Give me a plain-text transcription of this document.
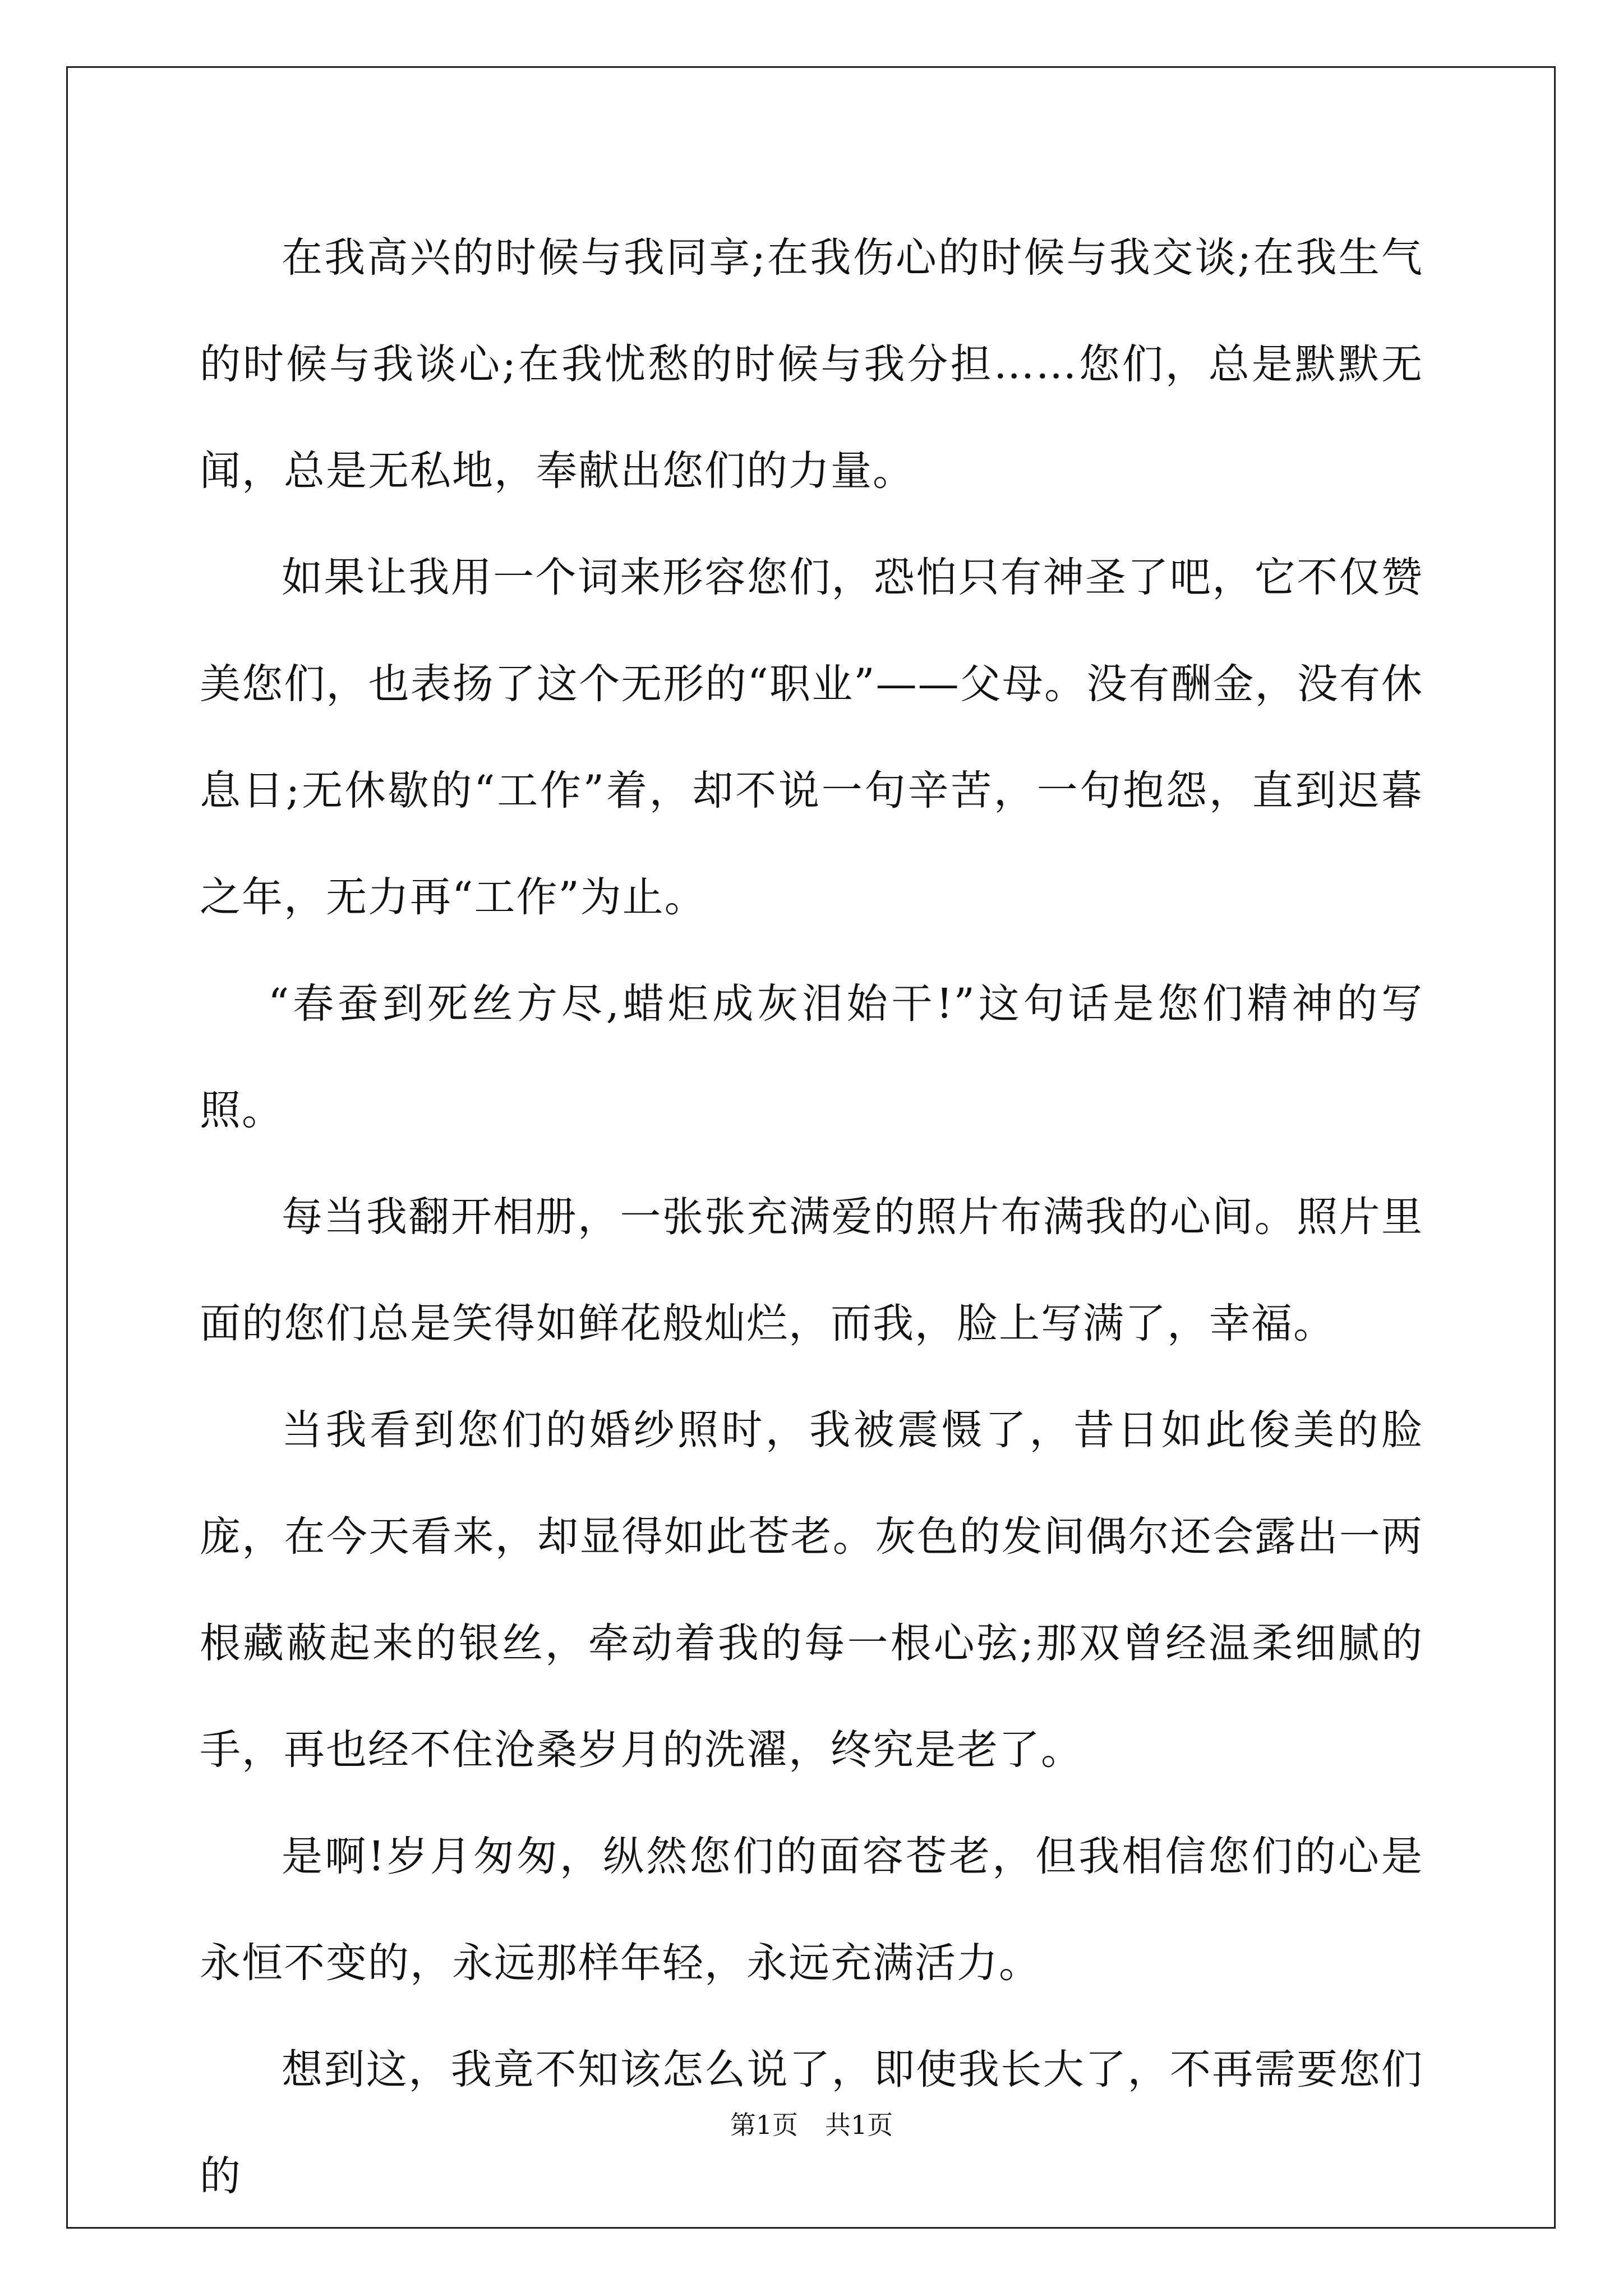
在我高兴的时候与我同享;在我伤心的时候与我交谈;在我生气的时候与我谈心;在我忧愁的时候与我分担……您们，总是默默无闻，总是无私地，奉献出您们的力量。

如果让我用一个词来形容您们，恐怕只有神圣了吧，它不仅赞美您们，也表扬了这个无形的“职业”——父母。没有酬金，没有休息日;无休歇的“工作”着，却不说一句辛苦，一句抱怨，直到迟暮之年，无力再“工作”为止。

“春蚕到死丝方尽,蜡炬成灰泪始干!”这句话是您们精神的写照。

每当我翻开相册，一张张充满爱的照片布满我的心间。照片里面的您们总是笑得如鲜花般灿烂，而我，脸上写满了，幸福。

当我看到您们的婚纱照时，我被震慑了，昔日如此俊美的脸庞，在今天看来，却显得如此苍老。灰色的发间偶尔还会露出一两根藏蔽起来的银丝，牵动着我的每一根心弦;那双曾经温柔细腻的手，再也经不住沧桑岁月的洗濯，终究是老了。

是啊!岁月匆匆，纵然您们的面容苍老，但我相信您们的心是永恒不变的，永远那样年轻，永远充满活力。

想到这，我竟不知该怎么说了，即使我长大了，不再需要您们的

第1页 共1页
